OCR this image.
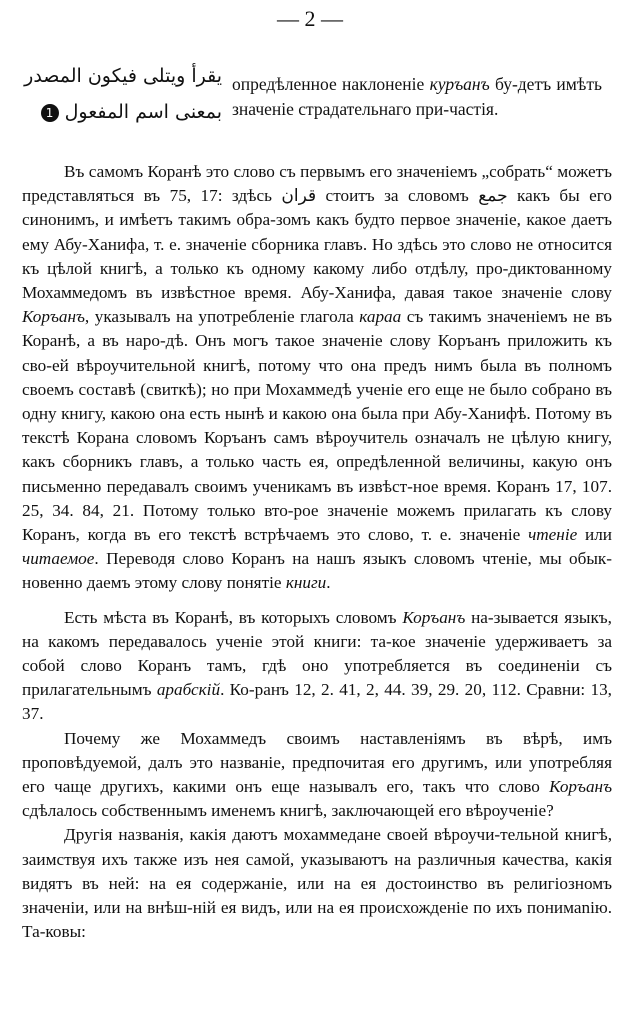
— 2 —
يقرأ ويتلى فيكون المصدر
بمعنى اسم المفعول 1
опредѣленное наклоненіе куръанъ бу-детъ имѣть значеніе страдательнаго при-частія.

Въ самомъ Коранѣ это слово съ первымъ его значеніемъ „собрать“ можетъ представляться въ 75, 17: здѣсь قران стоитъ за словомъ جمع какъ бы его синонимъ, и имѣетъ такимъ обра-зомъ какъ будто первое значеніе, какое даетъ ему Абу-Ханифа, т. е. значеніе сборника главъ. Но здѣсь это слово не относится къ цѣлой книгѣ, а только къ одному какому либо отдѣлу, про-диктованному Мохаммедомъ въ извѣстное время. Абу-Ханифа, давая такое значеніе слову Коръанъ, указывалъ на употребленіе глагола караа съ такимъ значеніемъ не въ Коранѣ, а въ наро-дѣ. Онъ могъ такое значеніе слову Коръанъ приложить къ сво-ей вѣроучительной книгѣ, потому что она предъ нимъ была въ полномъ своемъ составѣ (свиткѣ); но при Мохаммедѣ ученіе его еще не было собрано въ одну книгу, какою она есть нынѣ и какою она была при Абу-Ханифѣ. Потому въ текстѣ Корана словомъ Коръанъ самъ вѣроучитель означалъ не цѣлую книгу, какъ сборникъ главъ, а только часть ея, опредѣленной величины, какую онъ письменно передавалъ своимъ ученикамъ въ извѣст-ное время. Коранъ 17, 107. 25, 34. 84, 21. Потому только вто-рое значеніе можемъ прилагать къ слову Коранъ, когда въ его текстѣ встрѣчаемъ это слово, т. е. значеніе чтеніе или читаемое. Переводя слово Коранъ на нашъ языкъ словомъ чтеніе, мы обык-новенно даемъ этому слову понятіе книги.

Есть мѣста въ Коранѣ, въ которыхъ словомъ Коръанъ на-зывается языкъ, на какомъ передавалось ученіе этой книги: та-кое значеніе удерживаетъ за собой слово Коранъ тамъ, гдѣ оно употребляется въ соединеніи съ прилагательнымъ арабскій. Ко-ранъ 12, 2. 41, 2, 44. 39, 29. 20, 112. Сравни: 13, 37.

Почему же Мохаммедъ своимъ наставленіямъ въ вѣрѣ, имъ проповѣдуемой, далъ это названіе, предпочитая его другимъ, или употребляя его чаще другихъ, какими онъ еще называлъ его, такъ что слово Коръанъ сдѣлалось собственнымъ именемъ книгѣ, заключающей его вѣроученіе?

Другія названія, какія даютъ мохаммедане своей вѣроучи-тельной книгѣ, заимствуя ихъ также изъ нея самой, указываютъ на различныя качества, какія видятъ въ ней: на ея содержаніе, или на ея достоинство въ религіозномъ значеніи, или на внѣш-ній ея видъ, или на ея происхожденіе по ихъ понимаnію. Та-ковы:
